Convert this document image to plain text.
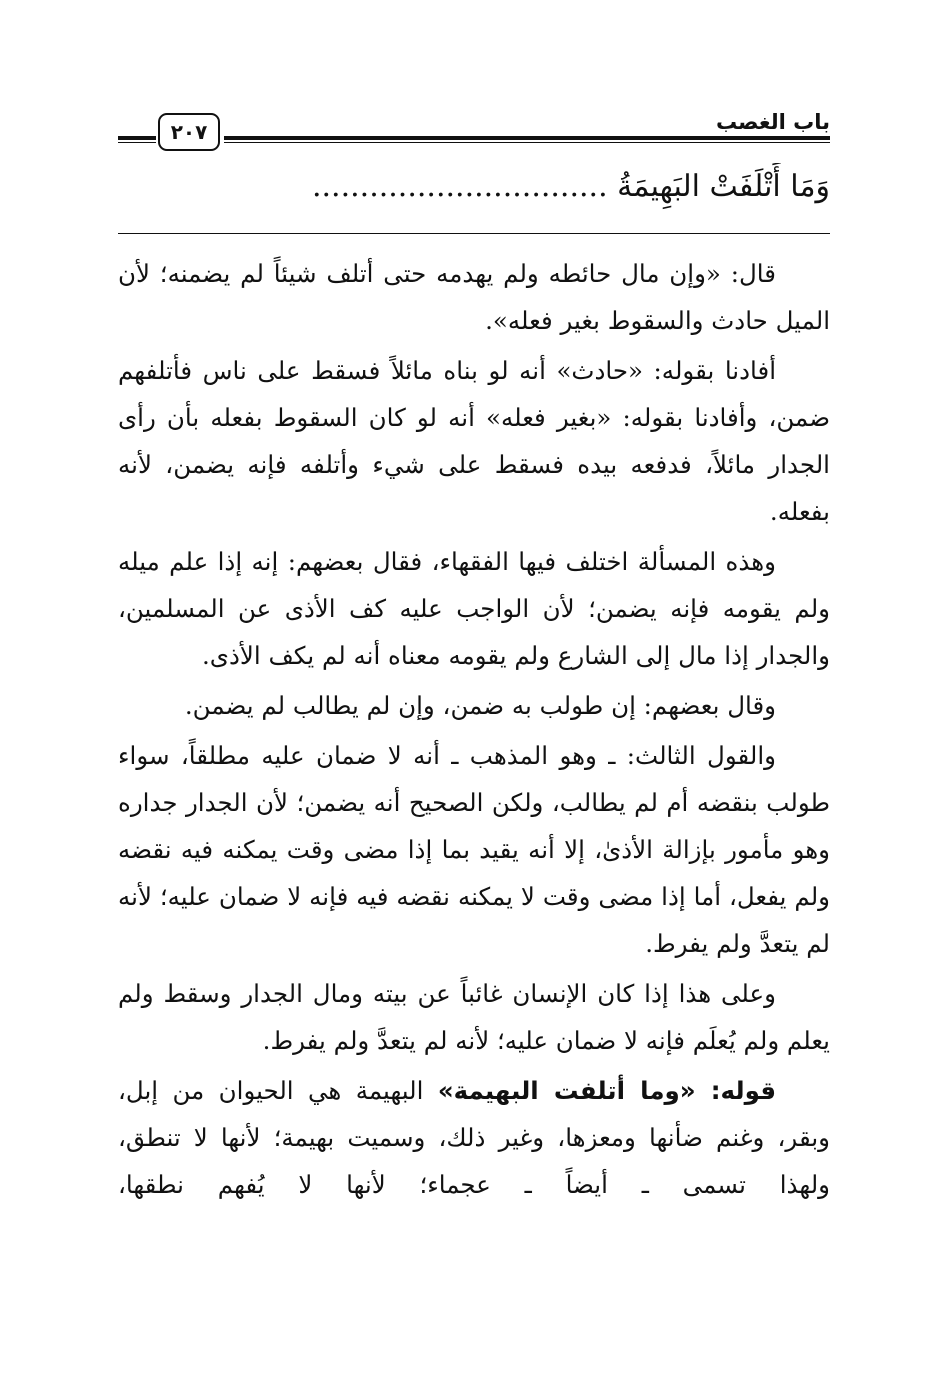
باب الغصب
٢٠٧
وَمَا أَتْلَفَتْ البَهِيمَةُ ...............................

قال: «وإن مال حائطه ولم يهدمه حتى أتلف شيئاً لم يضمنه؛ لأن الميل حادث والسقوط بغير فعله».

أفادنا بقوله: «حادث» أنه لو بناه مائلاً فسقط على ناس فأتلفهم ضمن، وأفادنا بقوله: «بغير فعله» أنه لو كان السقوط بفعله بأن رأى الجدار مائلاً، فدفعه بيده فسقط على شيء وأتلفه فإنه يضمن، لأنه بفعله.

وهذه المسألة اختلف فيها الفقهاء، فقال بعضهم: إنه إذا علم ميله ولم يقومه فإنه يضمن؛ لأن الواجب عليه كف الأذى عن المسلمين، والجدار إذا مال إلى الشارع ولم يقومه معناه أنه لم يكف الأذى.

وقال بعضهم: إن طولب به ضمن، وإن لم يطالب لم يضمن.

والقول الثالث: ـ وهو المذهب ـ أنه لا ضمان عليه مطلقاً، سواء طولب بنقضه أم لم يطالب، ولكن الصحيح أنه يضمن؛ لأن الجدار جداره وهو مأمور بإزالة الأذىٰ، إلا أنه يقيد بما إذا مضى وقت يمكنه فيه نقضه ولم يفعل، أما إذا مضى وقت لا يمكنه نقضه فيه فإنه لا ضمان عليه؛ لأنه لم يتعدَّ ولم يفرط.

وعلى هذا إذا كان الإنسان غائباً عن بيته ومال الجدار وسقط ولم يعلم ولم يُعلَم فإنه لا ضمان عليه؛ لأنه لم يتعدَّ ولم يفرط.

قوله: «وما أتلفت البهيمة» البهيمة هي الحيوان من إبل، وبقر، وغنم ضأنها ومعزها، وغير ذلك، وسميت بهيمة؛ لأنها لا تنطق، ولهذا تسمى ـ أيضاً ـ عجماء؛ لأنها لا يُفهم نطقها،
